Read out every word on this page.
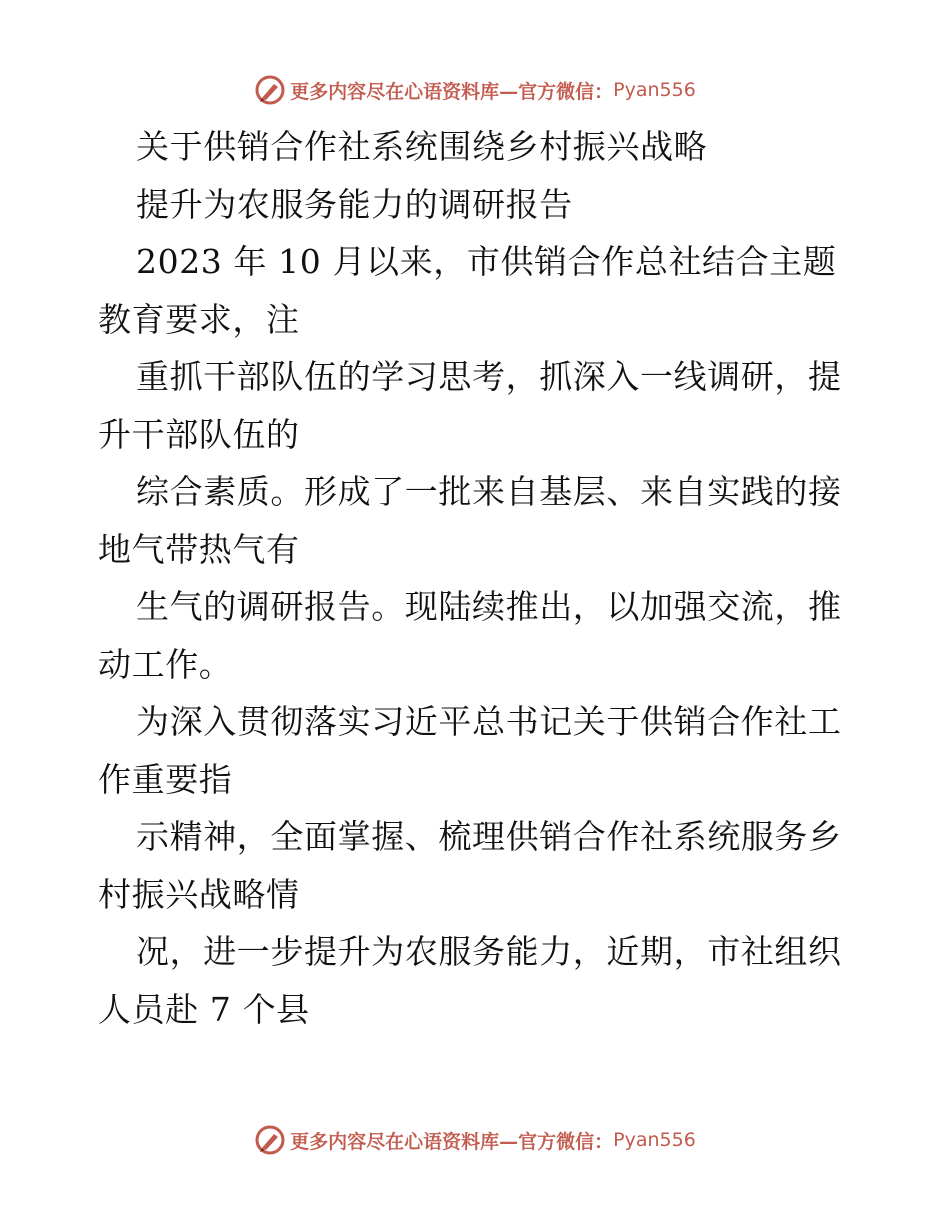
更多内容尽在心语资料库—官方微信： Pyan556
关于供销合作社系统围绕乡村振兴战略
提升为农服务能力的调研报告
2023 年 10 月以来，市供销合作总社结合主题
教育要求，注
重抓干部队伍的学习思考，抓深入一线调研，提
升干部队伍的
综合素质。形成了一批来自基层、来自实践的接
地气带热气有
生气的调研报告。现陆续推出，以加强交流，推
动工作。
为深入贯彻落实习近平总书记关于供销合作社工
作重要指
示精神，全面掌握、梳理供销合作社系统服务乡
村振兴战略情
况，进一步提升为农服务能力，近期，市社组织
人员赴 7 个县
更多内容尽在心语资料库—官方微信： Pyan556
